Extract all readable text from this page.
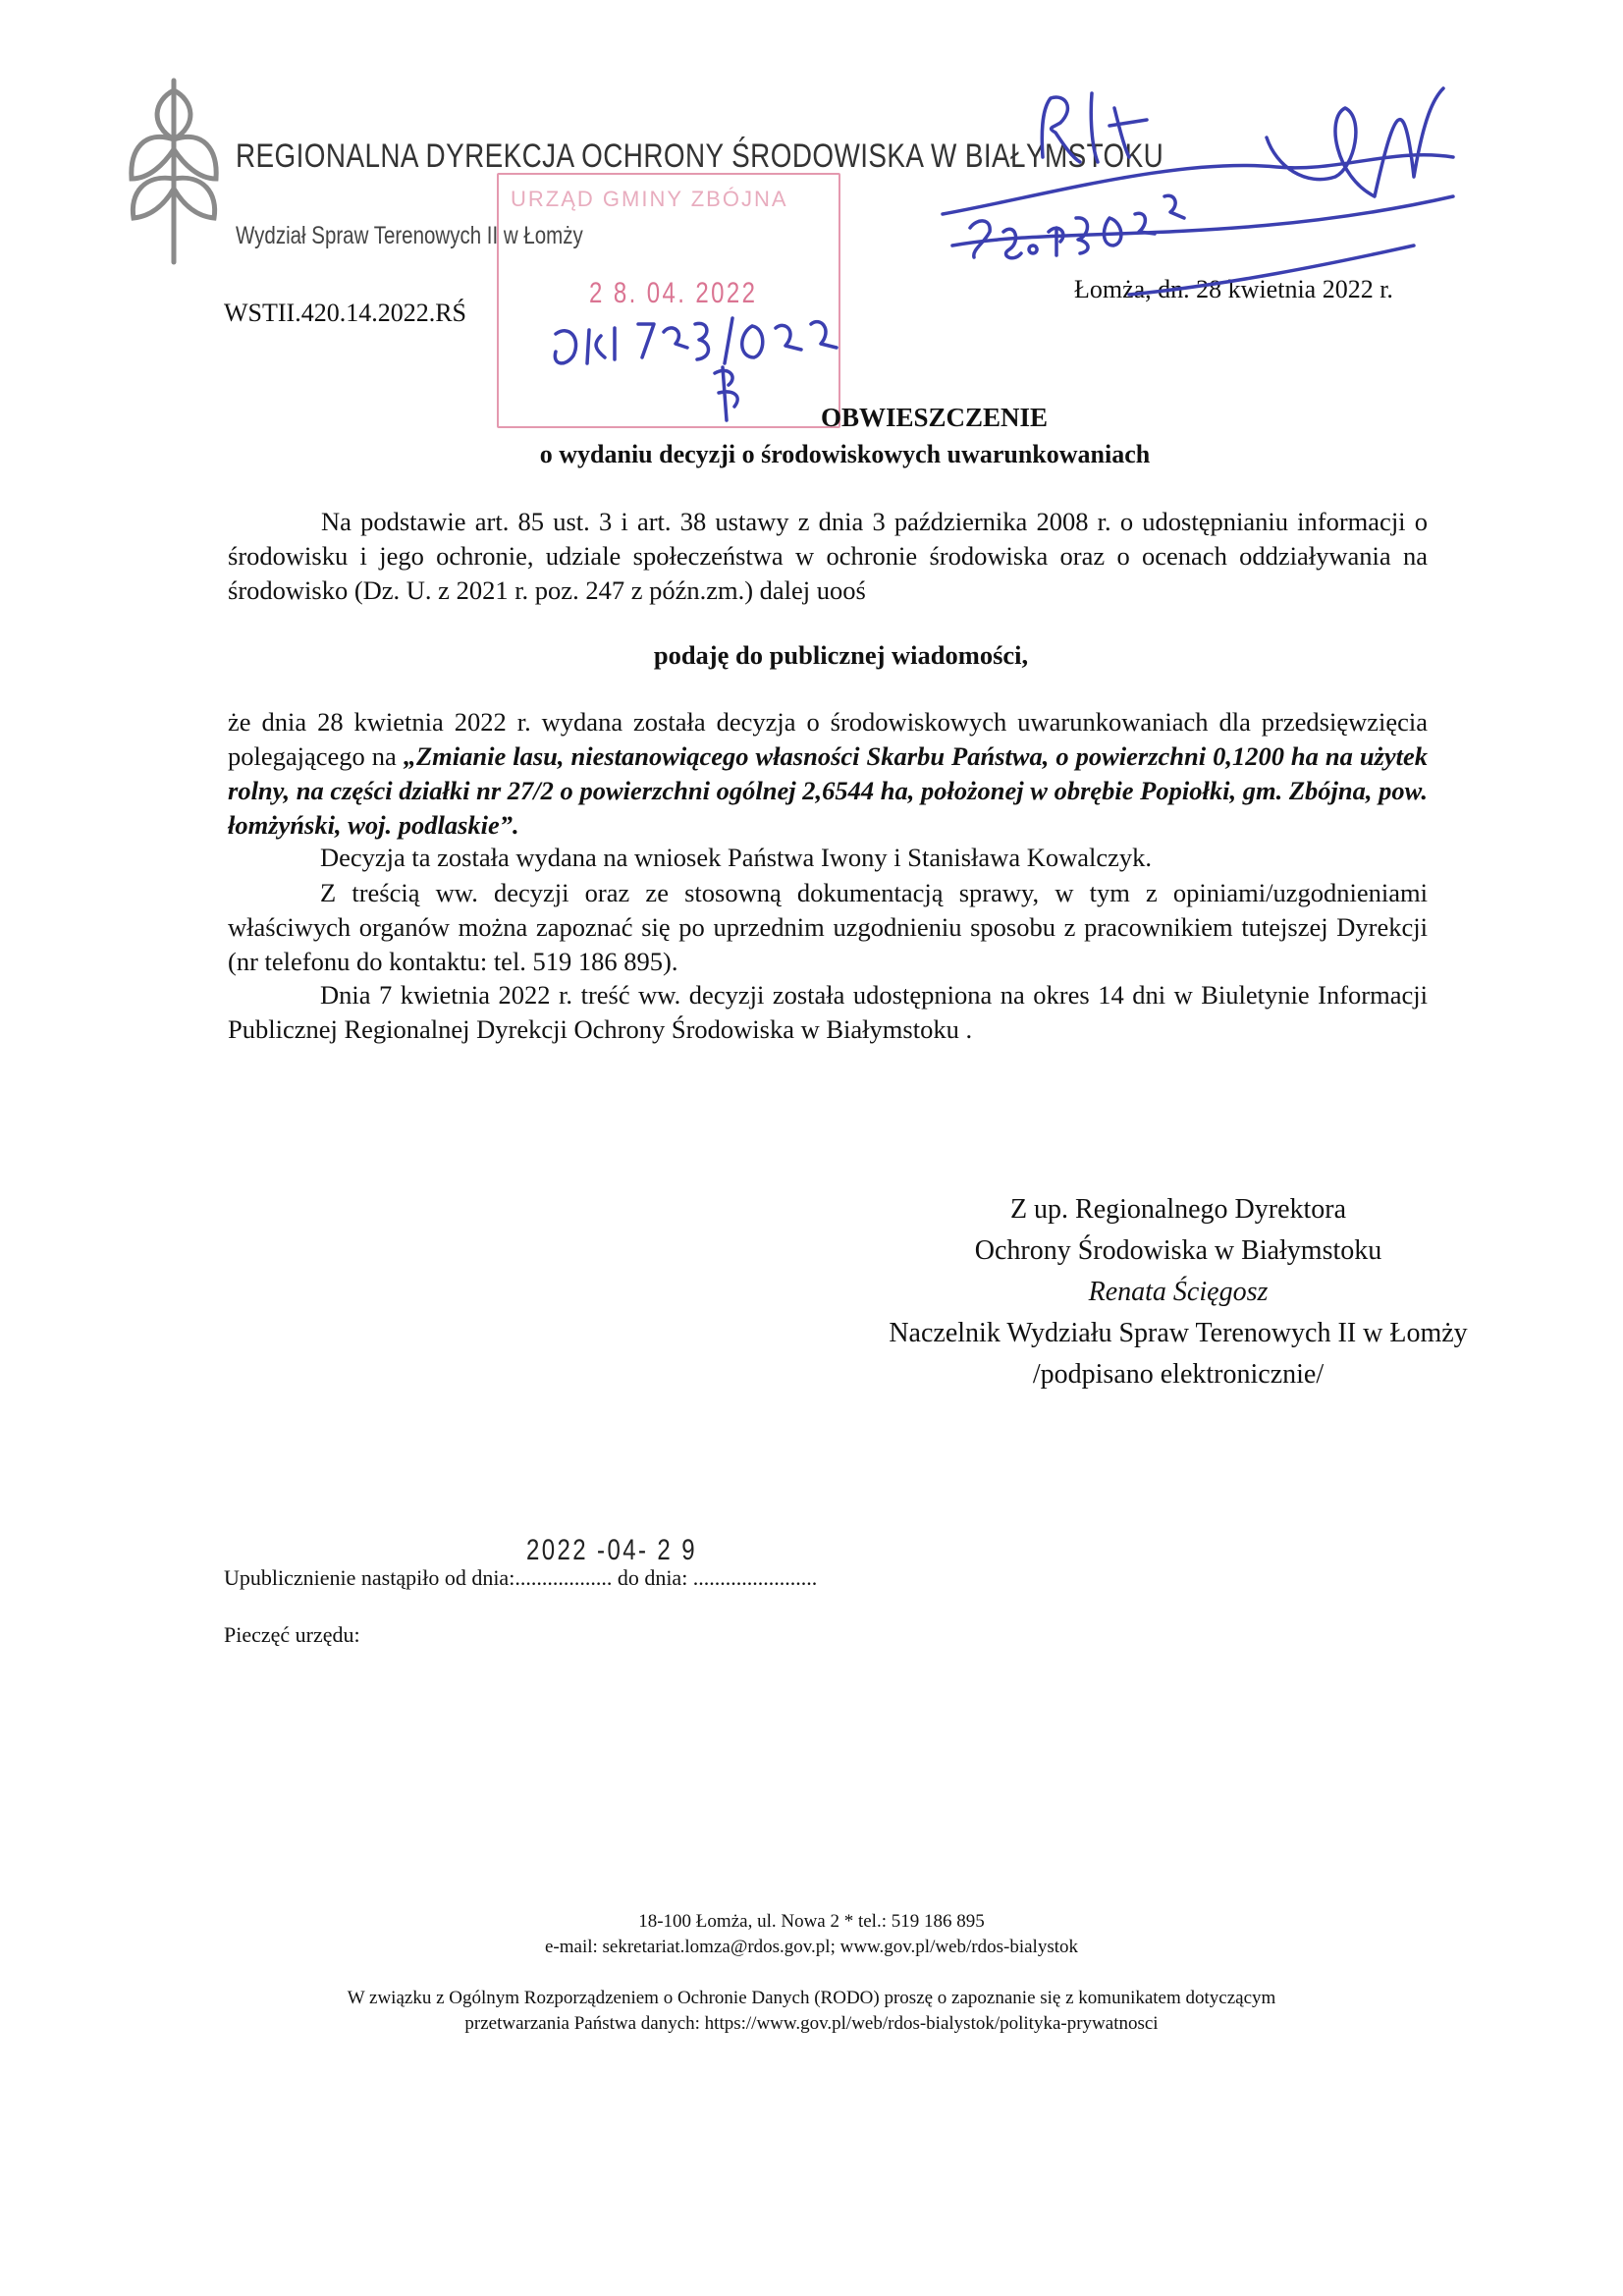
REGIONALNA DYREKCJA OCHRONY ŚRODOWISKA W BIAŁYMSTOKU
Wydział Spraw Terenowych II w Łomży
WSTII.420.14.2022.RŚ
Łomża, dn. 28 kwietnia 2022 r.
URZĄD GMINY ZBÓJNA
2 8. 04. 2022
OBWIESZCZENIE
o wydaniu decyzji o środowiskowych uwarunkowaniach
Na podstawie art. 85 ust. 3 i art. 38 ustawy z dnia 3 października 2008 r. o udostępnianiu informacji o środowisku i jego ochronie, udziale społeczeństwa w ochronie środowiska oraz o ocenach oddziaływania na środowisko (Dz. U. z 2021 r. poz. 247 z późn.zm.) dalej uooś
podaję do publicznej wiadomości,
że dnia 28 kwietnia 2022 r. wydana została decyzja o środowiskowych uwarunkowaniach dla przedsięwzięcia polegającego na „Zmianie lasu, niestanowiącego własności Skarbu Państwa, o powierzchni 0,1200 ha na użytek rolny, na części działki nr 27/2 o powierzchni ogólnej 2,6544 ha, położonej w obrębie Popiołki, gm. Zbójna, pow. łomżyński, woj. podlaskie”.
Decyzja ta została wydana na wniosek Państwa Iwony i Stanisława Kowalczyk.
Z treścią ww. decyzji oraz ze stosowną dokumentacją sprawy, w tym z opiniami/uzgodnieniami właściwych organów można zapoznać się po uprzednim uzgodnieniu sposobu z pracownikiem tutejszej Dyrekcji (nr telefonu do kontaktu: tel. 519 186 895).
Dnia 7 kwietnia 2022 r. treść ww. decyzji została udostępniona na okres 14 dni w Biuletynie Informacji Publicznej Regionalnej Dyrekcji Ochrony Środowiska w Białymstoku .
Z up. Regionalnego Dyrektora
Ochrony Środowiska w Białymstoku
Renata Ścięgosz
Naczelnik Wydziału Spraw Terenowych II w Łomży
/podpisano elektronicznie/
2022 -04- 2 9
Upublicznienie nastąpiło od dnia:.................. do dnia: .......................
Pieczęć urzędu:
18-100 Łomża, ul. Nowa 2 * tel.: 519 186 895
e-mail: sekretariat.lomza@rdos.gov.pl; www.gov.pl/web/rdos-bialystok
W związku z Ogólnym Rozporządzeniem o Ochronie Danych (RODO) proszę o zapoznanie się z komunikatem dotyczącym
przetwarzania Państwa danych: https://www.gov.pl/web/rdos-bialystok/polityka-prywatnosci
